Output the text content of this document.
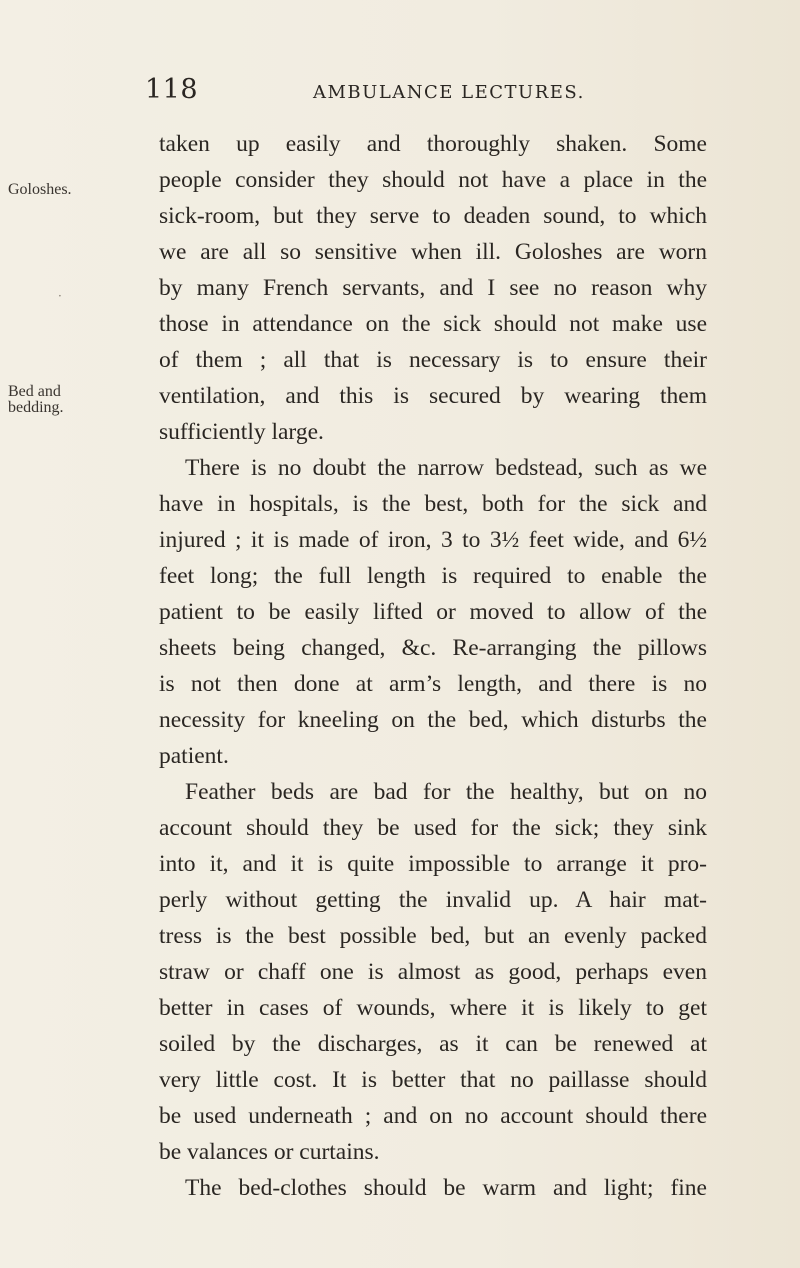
118	AMBULANCE LECTURES.
Goloshes.
Bed and
bedding.
·
taken up easily and thoroughly shaken. Some
people consider they should not have a place in the
sick-room, but they serve to deaden sound, to which
we are all so sensitive when ill. Goloshes are worn
by many French servants, and I see no reason why
those in attendance on the sick should not make use
of them ; all that is necessary is to ensure their
ventilation, and this is secured by wearing them
sufficiently large.
There is no doubt the narrow bedstead, such as we
have in hospitals, is the best, both for the sick and
injured ; it is made of iron, 3 to 3½ feet wide, and 6½
feet long; the full length is required to enable the
patient to be easily lifted or moved to allow of the
sheets being changed, &c. Re-arranging the pillows
is not then done at arm’s length, and there is no
necessity for kneeling on the bed, which disturbs the
patient.
Feather beds are bad for the healthy, but on no
account should they be used for the sick; they sink
into it, and it is quite impossible to arrange it pro-
perly without getting the invalid up. A hair mat-
tress is the best possible bed, but an evenly packed
straw or chaff one is almost as good, perhaps even
better in cases of wounds, where it is likely to get
soiled by the discharges, as it can be renewed at
very little cost. It is better that no paillasse should
be used underneath ; and on no account should there
be valances or curtains.
The bed-clothes should be warm and light; fine
